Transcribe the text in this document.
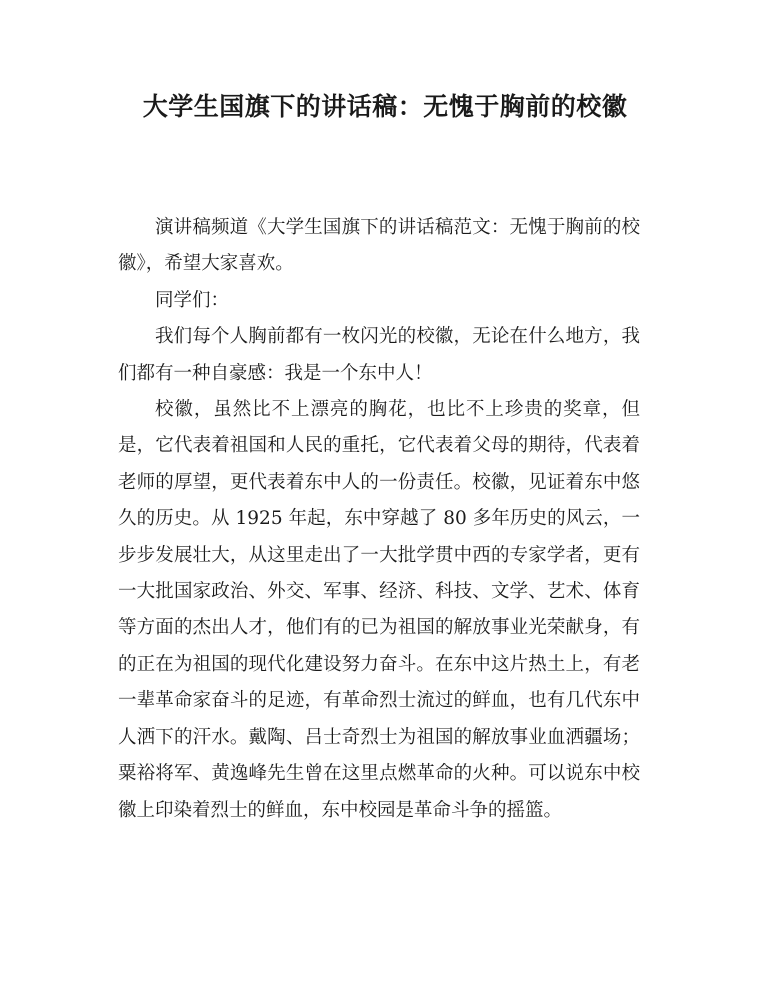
大学生国旗下的讲话稿：无愧于胸前的校徽

演讲稿频道《大学生国旗下的讲话稿范文：无愧于胸前的校徽》，希望大家喜欢。

同学们：

我们每个人胸前都有一枚闪光的校徽，无论在什么地方，我们都有一种自豪感：我是一个东中人！

校徽，虽然比不上漂亮的胸花，也比不上珍贵的奖章，但是，它代表着祖国和人民的重托，它代表着父母的期待，代表着老师的厚望，更代表着东中人的一份责任。校徽，见证着东中悠久的历史。从 1925 年起，东中穿越了 80 多年历史的风云，一步步发展壮大，从这里走出了一大批学贯中西的专家学者，更有一大批国家政治、外交、军事、经济、科技、文学、艺术、体育等方面的杰出人才，他们有的已为祖国的解放事业光荣献身，有的正在为祖国的现代化建设努力奋斗。在东中这片热土上，有老一辈革命家奋斗的足迹，有革命烈士流过的鲜血，也有几代东中人洒下的汗水。戴陶、吕士奇烈士为祖国的解放事业血洒疆场；粟裕将军、黄逸峰先生曾在这里点燃革命的火种。可以说东中校徽上印染着烈士的鲜血，东中校园是革命斗争的摇篮。
